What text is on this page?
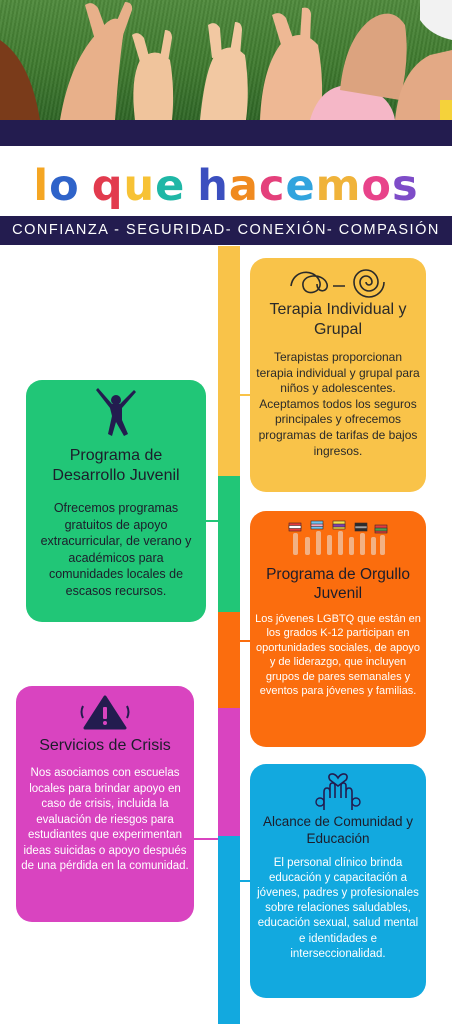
lo que hacemos
CONFIANZA - SEGURIDAD- CONEXIÓN- COMPASIÓN
Terapia Individual y Grupal

Terapistas proporcionan terapia individual y grupal para niños y adolescentes. Aceptamos todos los seguros principales y ofrecemos programas de tarifas de bajos ingresos.

Programa de Desarrollo Juvenil

Ofrecemos programas gratuitos de apoyo extracurricular, de verano y académicos para comunidades locales de escasos recursos.

Programa de Orgullo Juvenil

Los jóvenes LGBTQ que están en los grados K-12 participan en oportunidades sociales, de apoyo y de liderazgo, que incluyen grupos de pares semanales y eventos para jóvenes y familias.

Servicios de Crisis

Nos asociamos con escuelas locales para brindar apoyo en caso de crisis, incluida la evaluación de riesgos para estudiantes que experimentan ideas suicidas o apoyo después de una pérdida en la comunidad.

Alcance de Comunidad y Educación

El personal clínico brinda educación y capacitación a jóvenes, padres y profesionales sobre relaciones saludables, educación sexual, salud mental e identidades e interseccionalidad.
